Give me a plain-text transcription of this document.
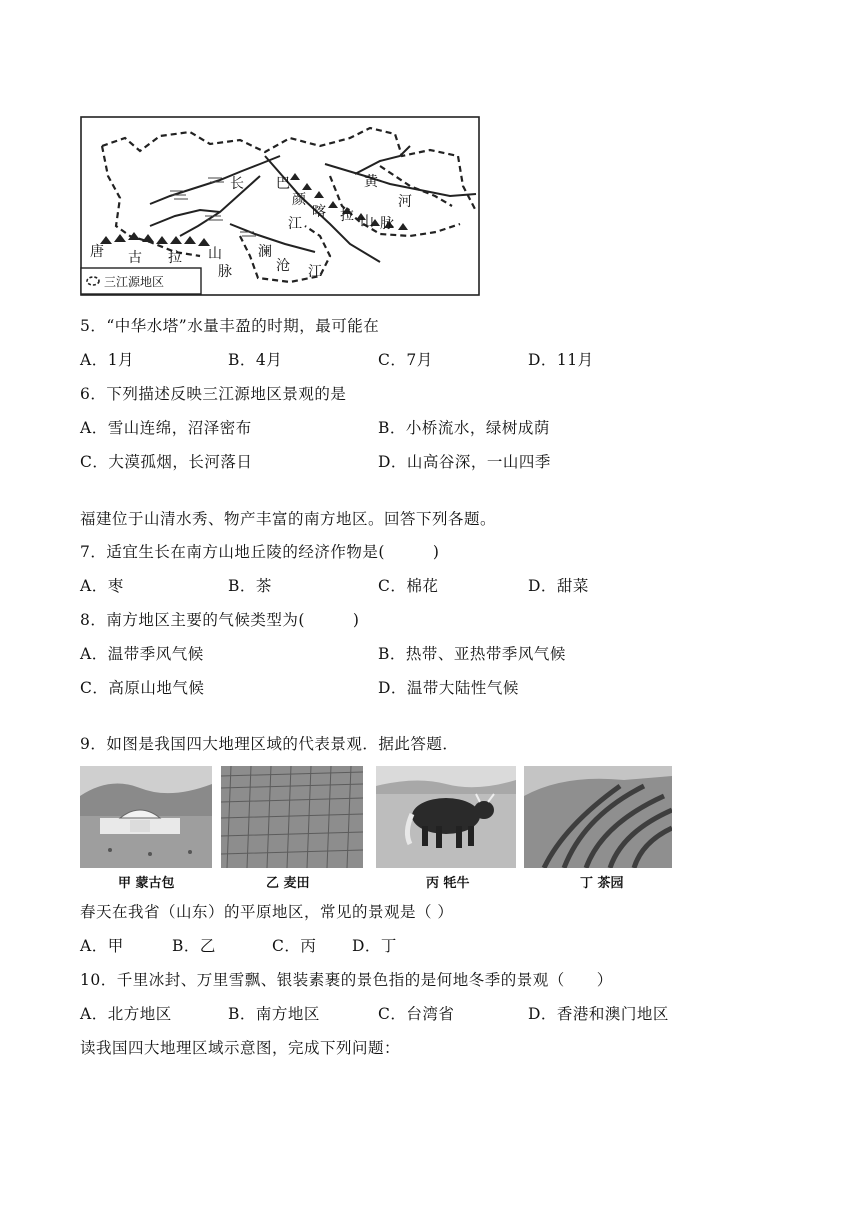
唐 古 拉 山
脉
巴
颜
喀 拉 山 脉
长
江
澜
沧 江
黄
河
三江源地区
5．“中华水塔”水量丰盈的时期，最可能在
A．1月	B．4月	C．7月	D．11月
6．下列描述反映三江源地区景观的是
A．雪山连绵，沼泽密布	B．小桥流水，绿树成荫
C．大漠孤烟，长河落日	D．山高谷深，一山四季
福建位于山清水秀、物产丰富的南方地区。回答下列各题。
7．适宜生长在南方山地丘陵的经济作物是(　　　)
A．枣	B．茶	C．棉花	D．甜菜
8．南方地区主要的气候类型为(　　　)
A．温带季风气候	B．热带、亚热带季风气候
C．高原山地气候	D．温带大陆性气候
9．如图是我国四大地理区域的代表景观．据此答题．
甲 蒙古包	乙 麦田	丙 牦牛	丁 茶园
春天在我省（山东）的平原地区，常见的景观是（ ）
A．甲	B．乙	C．丙 D．丁
10．千里冰封、万里雪飘、银装素裹的景色指的是何地冬季的景观（　　）
A．北方地区	B．南方地区	C．台湾省	D．香港和澳门地区
读我国四大地理区域示意图，完成下列问题：
